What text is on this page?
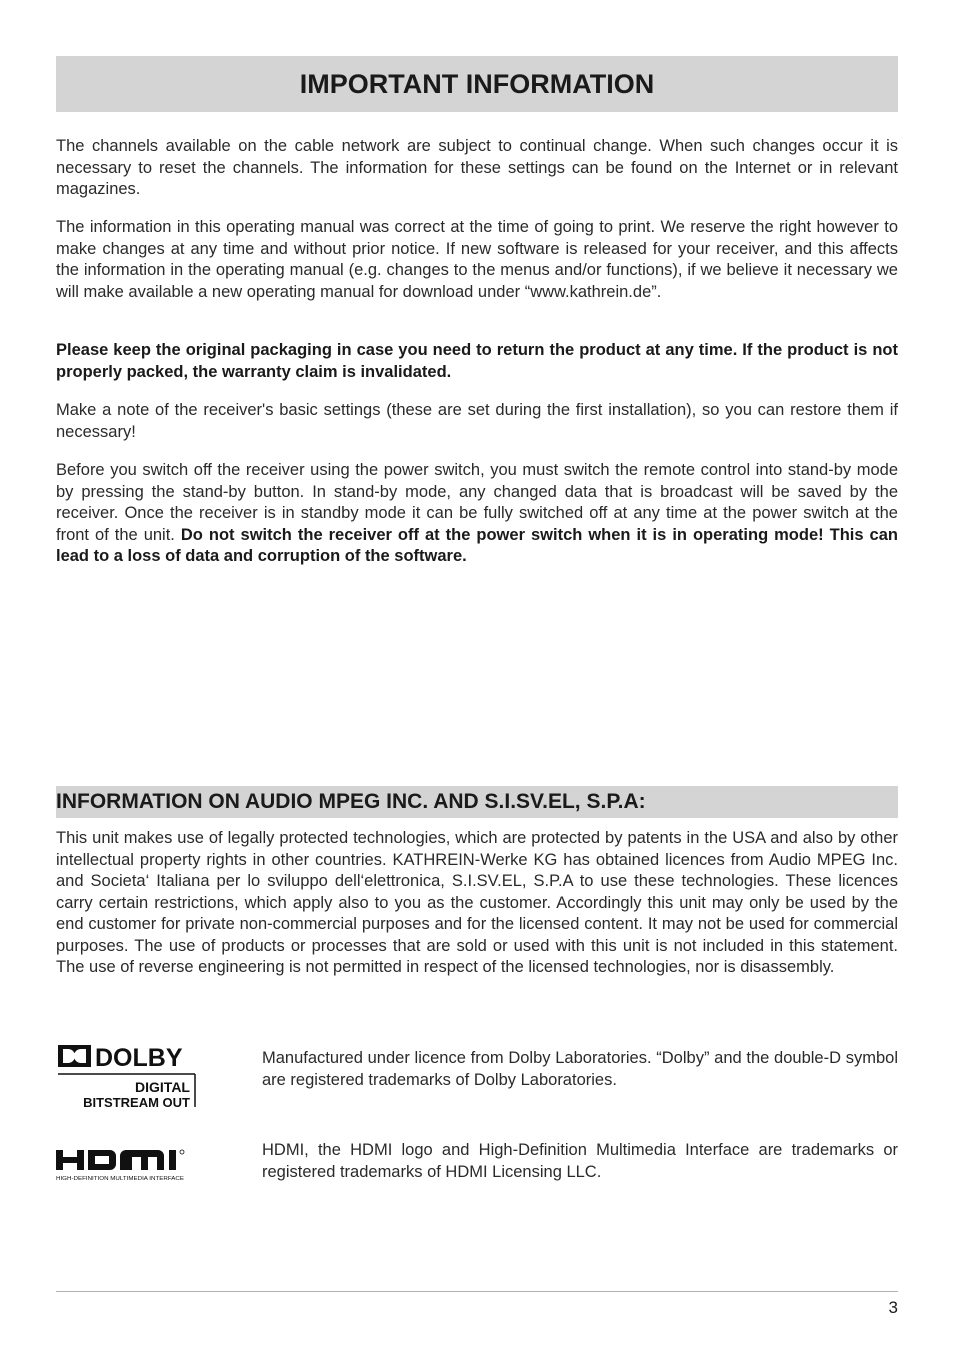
IMPORTANT INFORMATION

The channels available on the cable network are subject to continual change. When such changes occur it is necessary to reset the channels. The information for these settings can be found on the Internet or in relevant magazines.

The information in this operating manual was correct at the time of going to print. We reserve the right however to make changes at any time and without prior notice. If new software is released for your receiver, and this affects the information in the operating manual (e.g. changes to the menus and/or functions), if we believe it necessary we will make available a new operating manual for download under “www.kathrein.de”.

Please keep the original packaging in case you need to return the product at any time. If the product is not properly packed, the warranty claim is invalidated.

Make a note of the receiver's basic settings (these are set during the first installation), so you can restore them if necessary!

Before you switch off the receiver using the power switch, you must switch the remote control into stand-by mode by pressing the stand-by button. In stand-by mode, any changed data that is broadcast will be saved by the receiver. Once the receiver is in standby mode it can be fully switched off at any time at the power switch at the front of the unit. Do not switch the receiver off at the power switch when it is in operating mode! This can lead to a loss of data and corruption of the software.

INFORMATION ON AUDIO MPEG INC. AND S.I.SV.EL, S.P.A:

This unit makes use of legally protected technologies, which are protected by patents in the USA and also by other intellectual property rights in other countries. KATHREIN-Werke KG has obtained licences from Audio MPEG Inc. and Societa‘ Italiana per lo sviluppo dell‘elettronica, S.I.SV.EL, S.P.A to use these technologies. These licences carry certain restrictions, which apply also to you as the customer. Accordingly this unit may only be used by the end customer for private non-commercial purposes and for the licensed content. It may not be used for commercial purposes. The use of products or processes that are sold or used with this unit is not included in this statement. The use of reverse engineering is not permitted in respect of the licensed technologies, nor is disassembly.

DOLBY
DIGITAL
BITSTREAM OUT

Manufactured under licence from Dolby Laboratories. “Dolby” and the double-D symbol are registered trademarks of Dolby Laboratories.

HIGH-DEFINITION MULTIMEDIA INTERFACE

HDMI, the HDMI logo and High-Definition Multimedia Interface are trademarks or registered trademarks of HDMI Licensing LLC.

3
